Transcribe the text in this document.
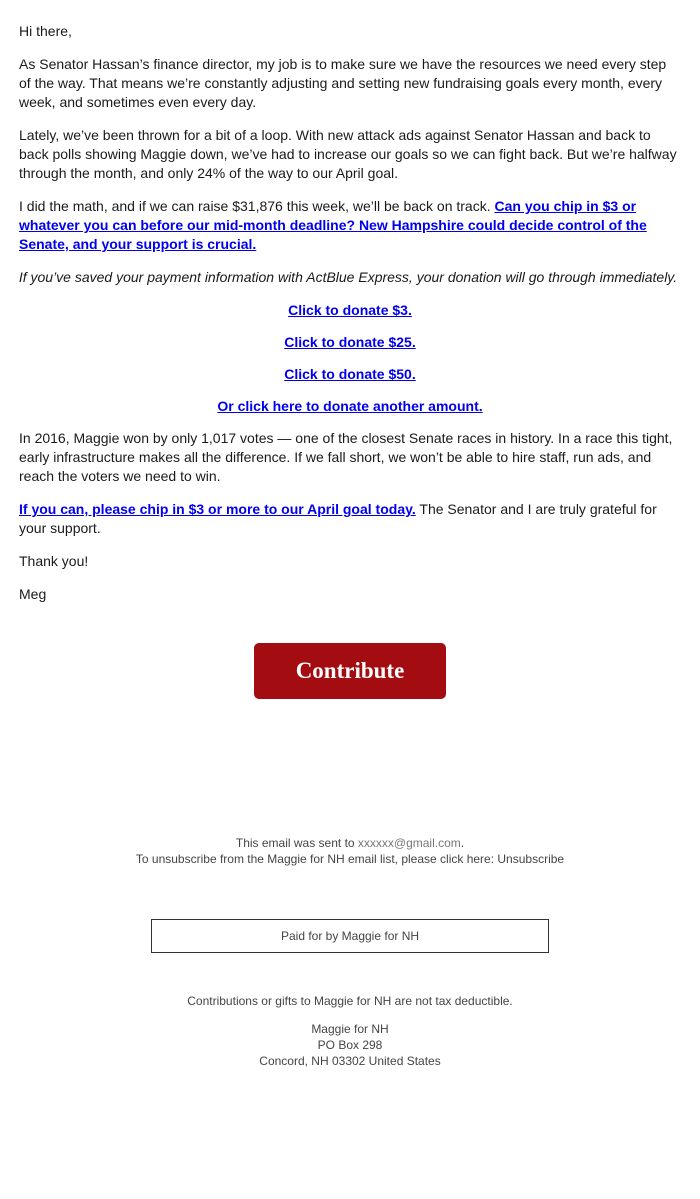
Hi there,

As Senator Hassan’s finance director, my job is to make sure we have the resources we need every step of the way. That means we’re constantly adjusting and setting new fundraising goals every month, every week, and sometimes even every day.

Lately, we’ve been thrown for a bit of a loop. With new attack ads against Senator Hassan and back to back polls showing Maggie down, we’ve had to increase our goals so we can fight back. But we’re halfway through the month, and only 24% of the way to our April goal.

I did the math, and if we can raise $31,876 this week, we’ll be back on track. Can you chip in $3 or whatever you can before our mid-month deadline? New Hampshire could decide control of the Senate, and your support is crucial.

If you’ve saved your payment information with ActBlue Express, your donation will go through immediately.

Click to donate $3.

Click to donate $25.

Click to donate $50.

Or click here to donate another amount.

In 2016, Maggie won by only 1,017 votes — one of the closest Senate races in history. In a race this tight, early infrastructure makes all the difference. If we fall short, we won’t be able to hire staff, run ads, and reach the voters we need to win.

If you can, please chip in $3 or more to our April goal today. The Senator and I are truly grateful for your support.

Thank you!

Meg

Contribute
This email was sent to xxxxxx@gmail.com.
To unsubscribe from the Maggie for NH email list, please click here: Unsubscribe
Paid for by Maggie for NH
Contributions or gifts to Maggie for NH are not tax deductible.
Maggie for NH
PO Box 298
Concord, NH 03302 United States
